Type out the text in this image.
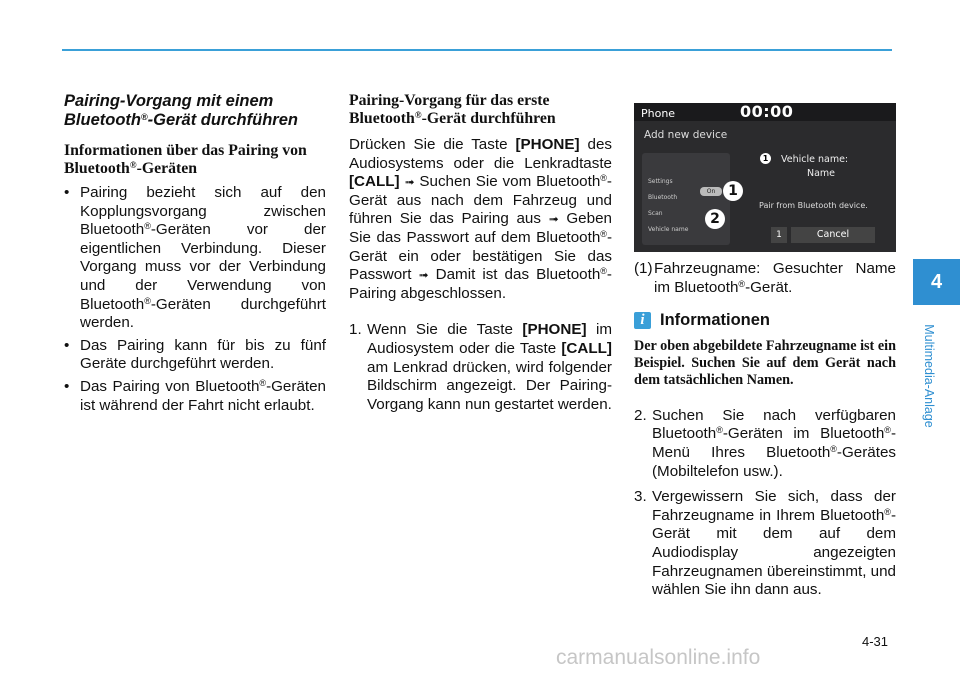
Pairing-Vorgang mit einem
Bluetooth®-Gerät durchführen
Informationen über das Pairing von
Bluetooth®-Geräten
• Pairing bezieht sich auf den Kopplungsvorgang zwischen Bluetooth®-Geräten vor der eigentlichen Verbindung. Dieser Vorgang muss vor der Verbindung und der Verwendung von Bluetooth®-Geräten durchgeführt werden.
• Das Pairing kann für bis zu fünf Geräte durchgeführt werden.
• Das Pairing von Bluetooth®-Geräten ist während der Fahrt nicht erlaubt.
Pairing-Vorgang für das erste
Bluetooth®-Gerät durchführen

Drücken Sie die Taste [PHONE] des Audiosystems oder die Lenkradtaste [CALL] ➟ Suchen Sie vom Bluetooth®-Gerät aus nach dem Fahrzeug und führen Sie das Pairing aus ➟ Geben Sie das Passwort auf dem Bluetooth®-Gerät ein oder bestätigen Sie das Passwort ➟ Damit ist das Bluetooth®-Pairing abgeschlossen.

1. Wenn Sie die Taste [PHONE] im Audiosystem oder die Taste [CALL] am Lenkrad drücken, wird folgender Bildschirm angezeigt. Der Pairing-Vorgang kann nun gestartet werden.
Phone	00:00
Add new device
Settings
Bluetooth
Scan
Vehicle name
On 1
2
1 Vehicle name:
Name
Pair from Bluetooth device.
1	Cancel
(1) Fahrzeugname: Gesuchter Name im Bluetooth®-Gerät.
i Informationen

Der oben abgebildete Fahrzeugname ist ein Beispiel. Suchen Sie auf dem Gerät nach dem tatsächlichen Namen.

2. Suchen Sie nach verfügbaren Bluetooth®-Geräten im Bluetooth®-Menü Ihres Bluetooth®-Gerätes (Mobiltelefon usw.).
3. Vergewissern Sie sich, dass der Fahrzeugname in Ihrem Bluetooth®-Gerät mit dem auf dem Audiodisplay angezeigten Fahrzeugnamen übereinstimmt, und wählen Sie ihn dann aus.
4
Multimedia-Anlage
4-31
carmanualsonline.info
